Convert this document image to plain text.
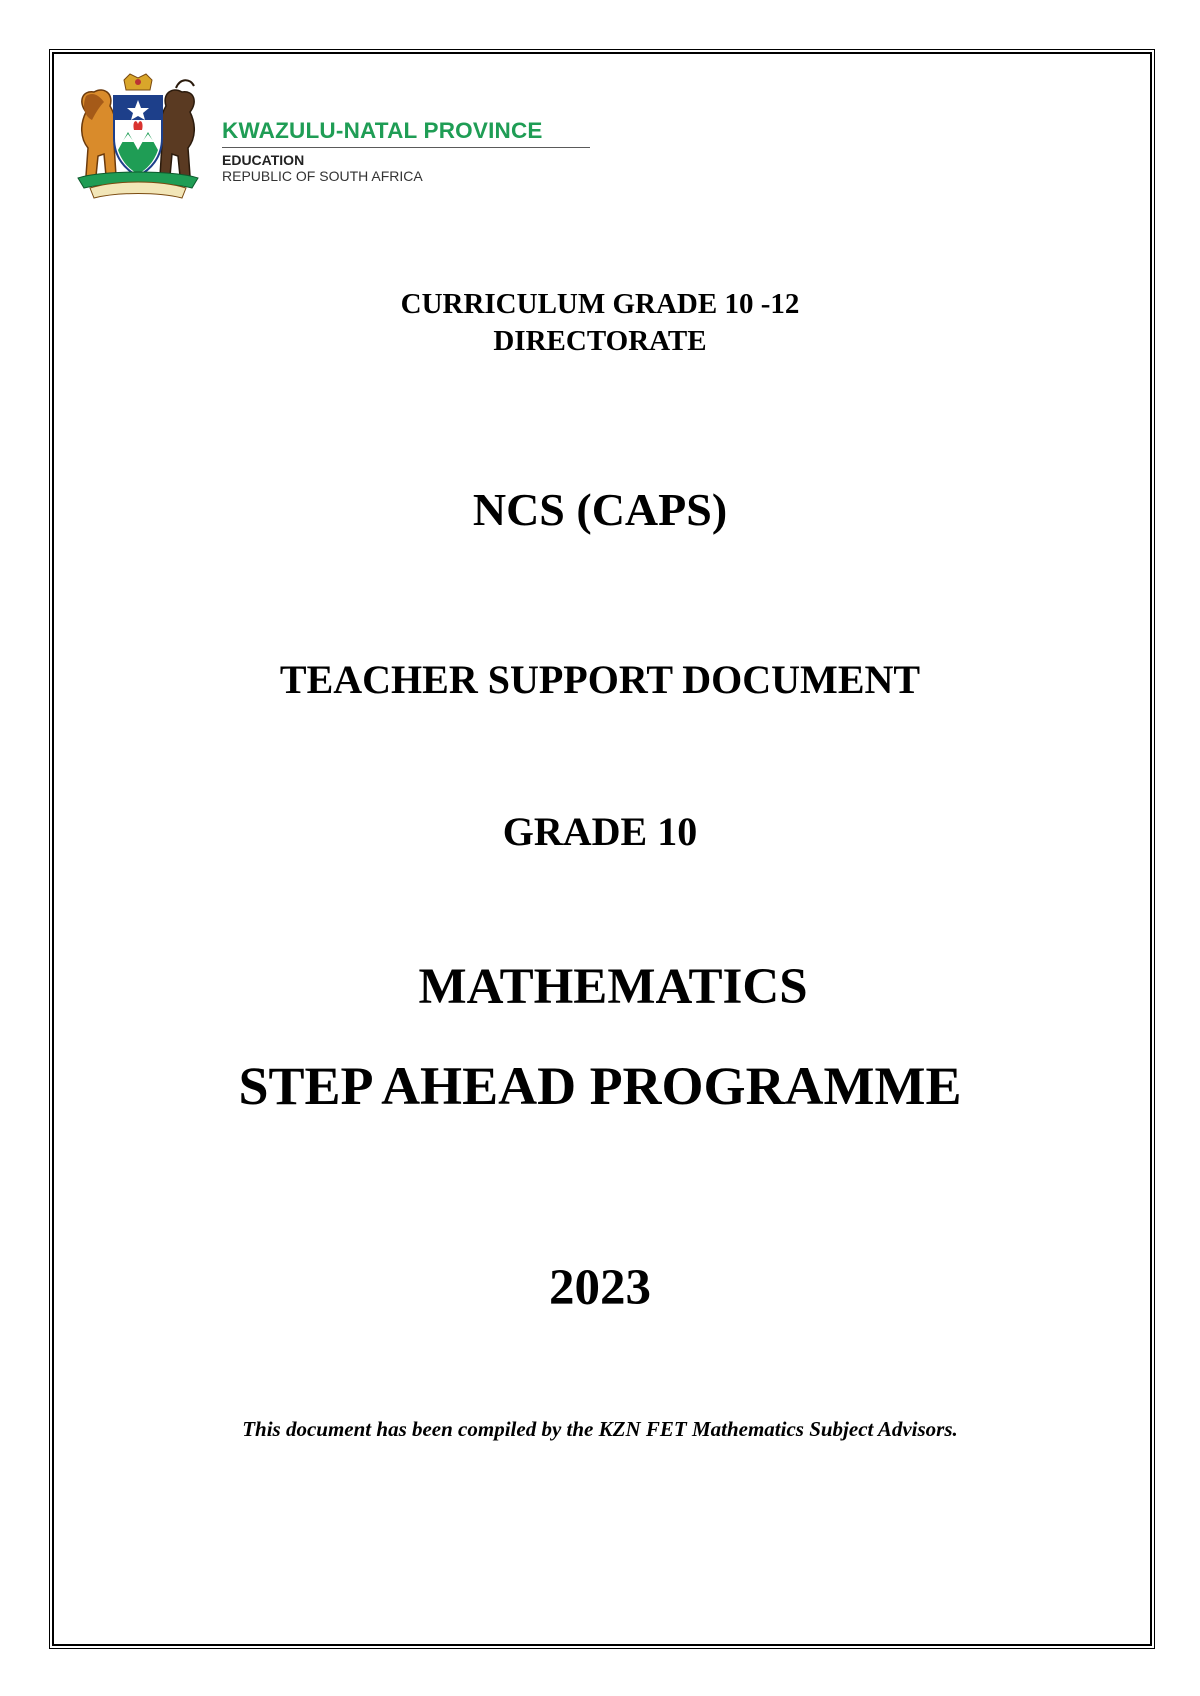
KWAZULU-NATAL PROVINCE
EDUCATION
REPUBLIC OF SOUTH AFRICA
CURRICULUM GRADE 10 -12
DIRECTORATE
NCS (CAPS)
TEACHER SUPPORT DOCUMENT
GRADE 10
MATHEMATICS
STEP AHEAD PROGRAMME
2023
This document has been compiled by the KZN FET Mathematics Subject Advisors.
